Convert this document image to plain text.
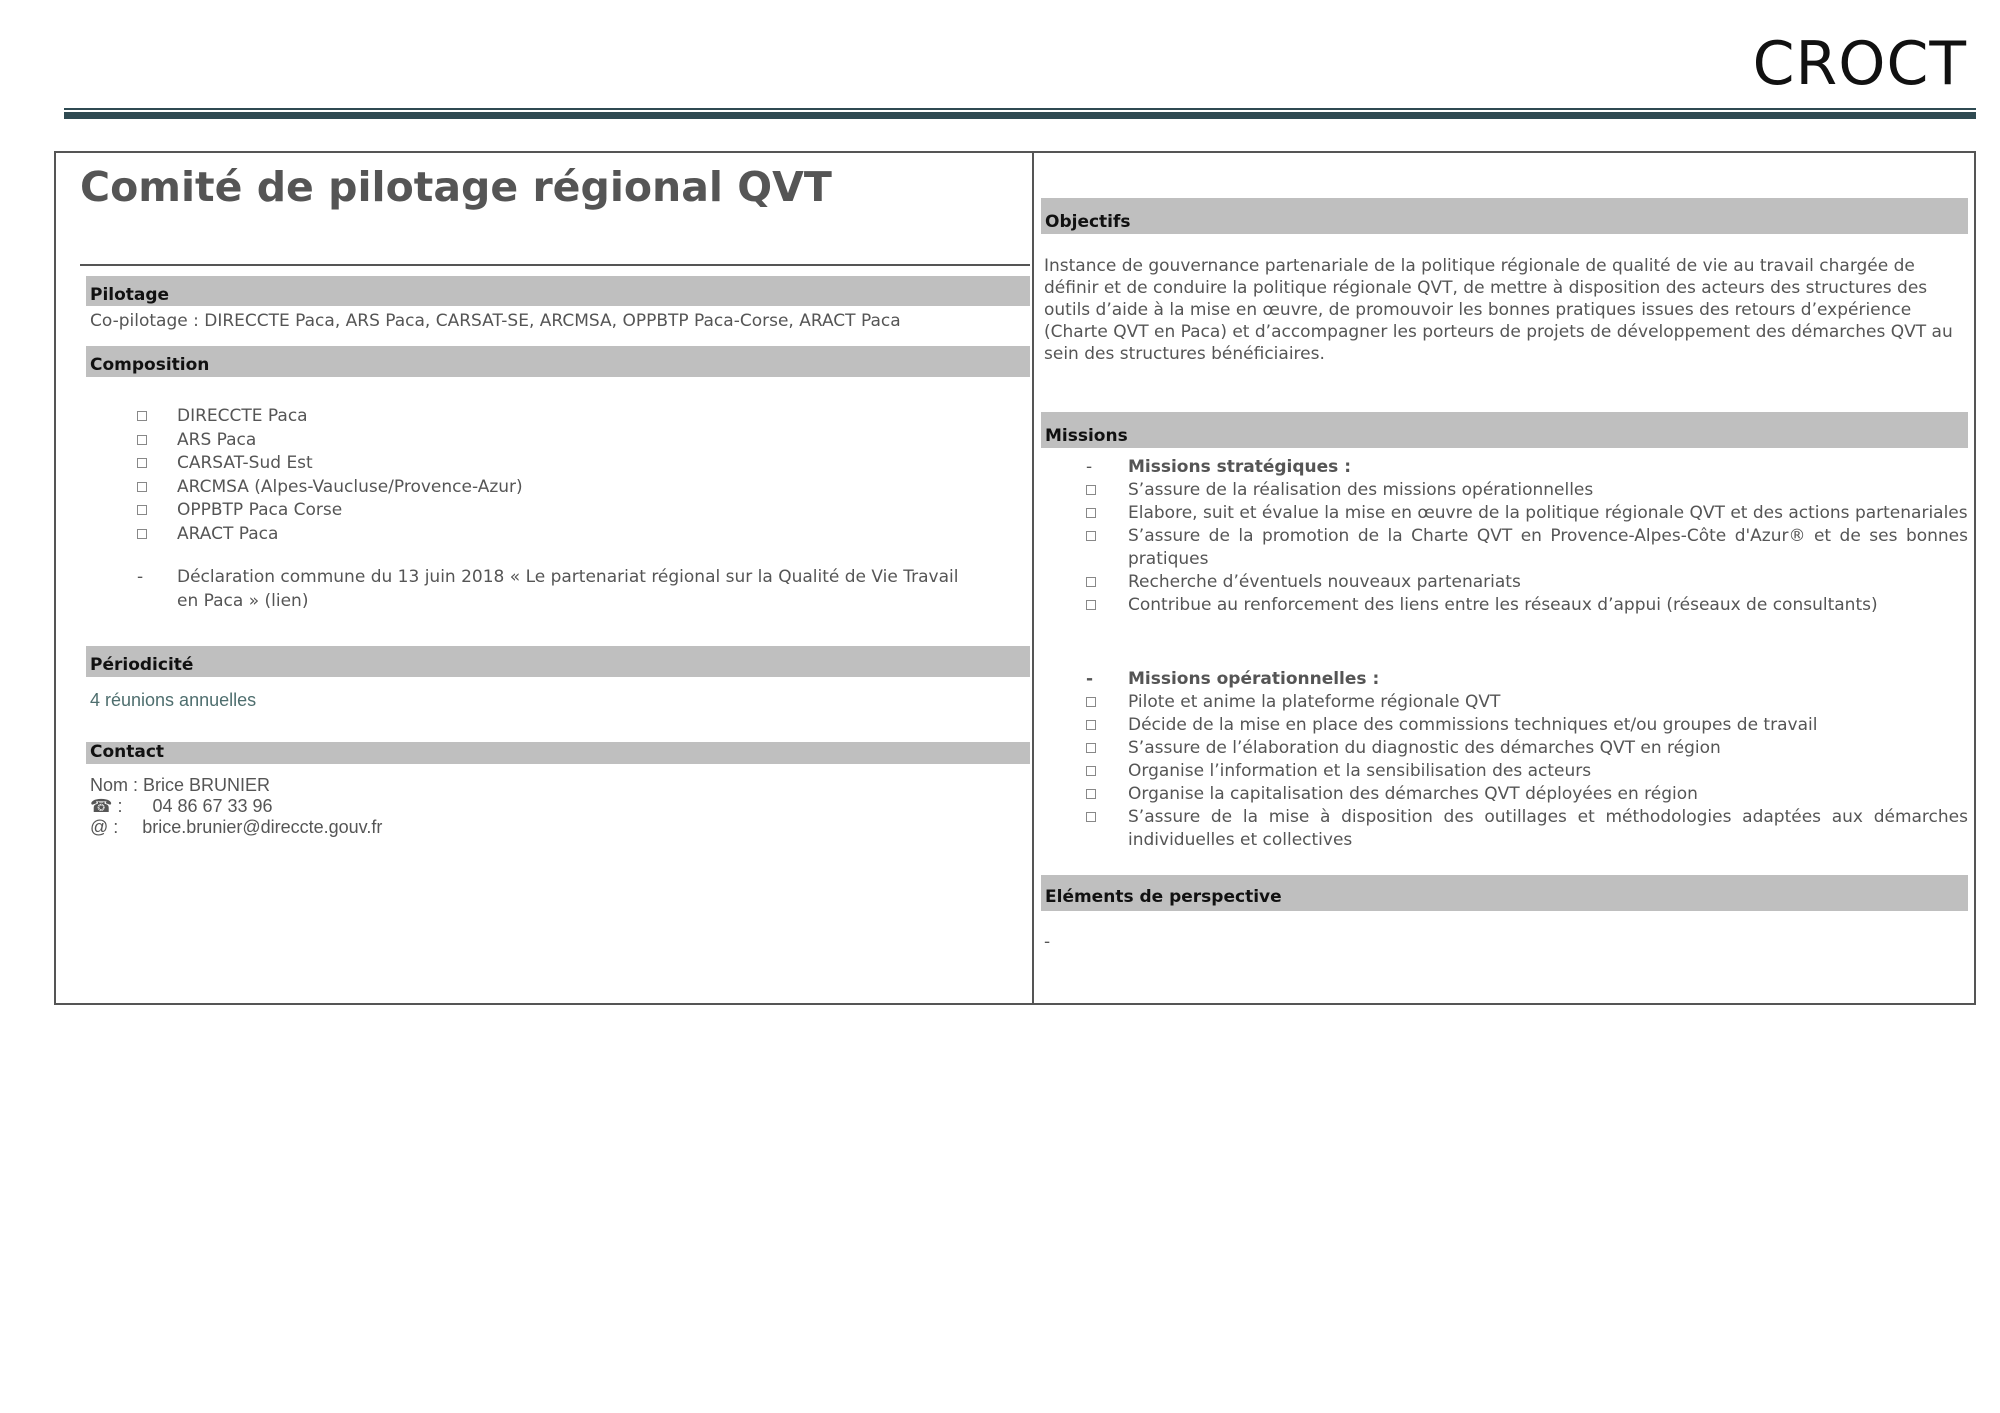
CROCT
Comité de pilotage régional QVT
Pilotage
Co-pilotage : DIRECCTE Paca, ARS Paca, CARSAT-SE, ARCMSA, OPPBTP Paca-Corse, ARACT Paca
Composition
DIRECCTE Paca
ARS Paca
CARSAT-Sud Est
ARCMSA (Alpes-Vaucluse/Provence-Azur)
OPPBTP Paca Corse
ARACT Paca
- Déclaration commune du 13 juin 2018 « Le partenariat régional sur la Qualité de Vie Travail en Paca » (lien)
Périodicité
4 réunions annuelles
Contact
Nom : Brice BRUNIER
☎ : 04 86 67 33 96
@ : brice.brunier@direccte.gouv.fr
Objectifs
Instance de gouvernance partenariale de la politique régionale de qualité de vie au travail chargée de définir et de conduire la politique régionale QVT, de mettre à disposition des acteurs des structures des outils d’aide à la mise en œuvre, de promouvoir les bonnes pratiques issues des retours d’expérience (Charte QVT en Paca) et d’accompagner les porteurs de projets de développement des démarches QVT au sein des structures bénéficiaires.
Missions
- Missions stratégiques :
S’assure de la réalisation des missions opérationnelles
Elabore, suit et évalue la mise en œuvre de la politique régionale QVT et des actions partenariales
S’assure de la promotion de la Charte QVT en Provence-Alpes-Côte d'Azur® et de ses bonnes pratiques
Recherche d’éventuels nouveaux partenariats
Contribue au renforcement des liens entre les réseaux d’appui (réseaux de consultants)
- Missions opérationnelles :
Pilote et anime la plateforme régionale QVT
Décide de la mise en place des commissions techniques et/ou groupes de travail
S’assure de l’élaboration du diagnostic des démarches QVT en région
Organise l’information et la sensibilisation des acteurs
Organise la capitalisation des démarches QVT déployées en région
S’assure de la mise à disposition des outillages et méthodologies adaptées aux démarches individuelles et collectives
Eléments de perspective
-
